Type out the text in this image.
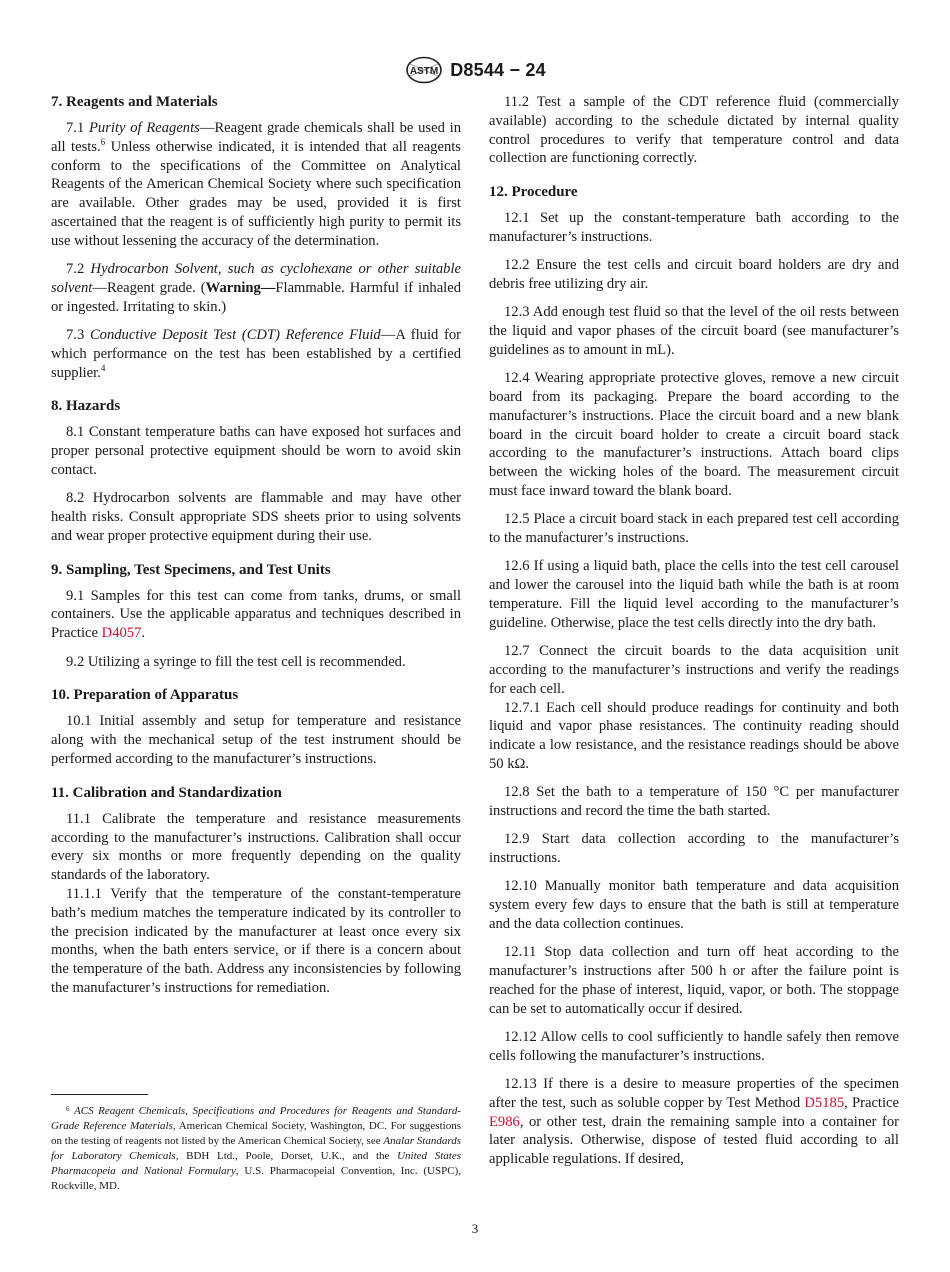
ASTM D8544 − 24
7. Reagents and Materials

7.1 Purity of Reagents—Reagent grade chemicals shall be used in all tests.$^6$ Unless otherwise indicated, it is intended that all reagents conform to the specifications of the Committee on Analytical Reagents of the American Chemical Society where such specification are available. Other grades may be used, provided it is first ascertained that the reagent is of sufficiently high purity to permit its use without lessening the accuracy of the determination.

7.2 Hydrocarbon Solvent, such as cyclohexane or other suitable solvent—Reagent grade. (Warning—Flammable. Harmful if inhaled or ingested. Irritating to skin.)

7.3 Conductive Deposit Test (CDT) Reference Fluid—A fluid for which performance on the test has been established by a certified supplier.$^4$

8. Hazards

8.1 Constant temperature baths can have exposed hot surfaces and proper personal protective equipment should be worn to avoid skin contact.

8.2 Hydrocarbon solvents are flammable and may have other health risks. Consult appropriate SDS sheets prior to using solvents and wear proper protective equipment during their use.

9. Sampling, Test Specimens, and Test Units

9.1 Samples for this test can come from tanks, drums, or small containers. Use the applicable apparatus and techniques described in Practice D4057.

9.2 Utilizing a syringe to fill the test cell is recommended.

10. Preparation of Apparatus

10.1 Initial assembly and setup for temperature and resistance along with the mechanical setup of the test instrument should be performed according to the manufacturer’s instructions.

11. Calibration and Standardization

11.1 Calibrate the temperature and resistance measurements according to the manufacturer’s instructions. Calibration shall occur every six months or more frequently depending on the quality standards of the laboratory.

11.1.1 Verify that the temperature of the constant-temperature bath’s medium matches the temperature indicated by its controller to the precision indicated by the manufacturer at least once every six months, when the bath enters service, or if there is a concern about the temperature of the bath. Address any inconsistencies by following the manufacturer’s instructions for remediation.

11.2 Test a sample of the CDT reference fluid (commercially available) according to the schedule dictated by internal quality control procedures to verify that temperature control and data collection are functioning correctly.

12. Procedure

12.1 Set up the constant-temperature bath according to the manufacturer’s instructions.

12.2 Ensure the test cells and circuit board holders are dry and debris free utilizing dry air.

12.3 Add enough test fluid so that the level of the oil rests between the liquid and vapor phases of the circuit board (see manufacturer’s guidelines as to amount in mL).

12.4 Wearing appropriate protective gloves, remove a new circuit board from its packaging. Prepare the board according to the manufacturer’s instructions. Place the circuit board and a new blank board in the circuit board holder to create a circuit board stack according to the manufacturer’s instructions. Attach board clips between the wicking holes of the board. The measurement circuit must face inward toward the blank board.

12.5 Place a circuit board stack in each prepared test cell according to the manufacturer’s instructions.

12.6 If using a liquid bath, place the cells into the test cell carousel and lower the carousel into the liquid bath while the bath is at room temperature. Fill the liquid level according to the manufacturer’s guideline. Otherwise, place the test cells directly into the dry bath.

12.7 Connect the circuit boards to the data acquisition unit according to the manufacturer’s instructions and verify the readings for each cell.

12.7.1 Each cell should produce readings for continuity and both liquid and vapor phase resistances. The continuity reading should indicate a low resistance, and the resistance readings should be above 50 kΩ.

12.8 Set the bath to a temperature of 150 °C per manufacturer instructions and record the time the bath started.

12.9 Start data collection according to the manufacturer’s instructions.

12.10 Manually monitor bath temperature and data acquisition system every few days to ensure that the bath is still at temperature and the data collection continues.

12.11 Stop data collection and turn off heat according to the manufacturer’s instructions after 500 h or after the failure point is reached for the phase of interest, liquid, vapor, or both. The stoppage can be set to automatically occur if desired.

12.12 Allow cells to cool sufficiently to handle safely then remove cells following the manufacturer’s instructions.

12.13 If there is a desire to measure properties of the specimen after the test, such as soluble copper by Test Method D5185, Practice E986, or other test, drain the remaining sample into a container for later analysis. Otherwise, dispose of tested fluid according to all applicable regulations. If desired,

$^6$ ACS Reagent Chemicals, Specifications and Procedures for Reagents and Standard-Grade Reference Materials, American Chemical Society, Washington, DC. For suggestions on the testing of reagents not listed by the American Chemical Society, see Analar Standards for Laboratory Chemicals, BDH Ltd., Poole, Dorset, U.K., and the United States Pharmacopeia and National Formulary, U.S. Pharmacopeial Convention, Inc. (USPC), Rockville, MD.

3
